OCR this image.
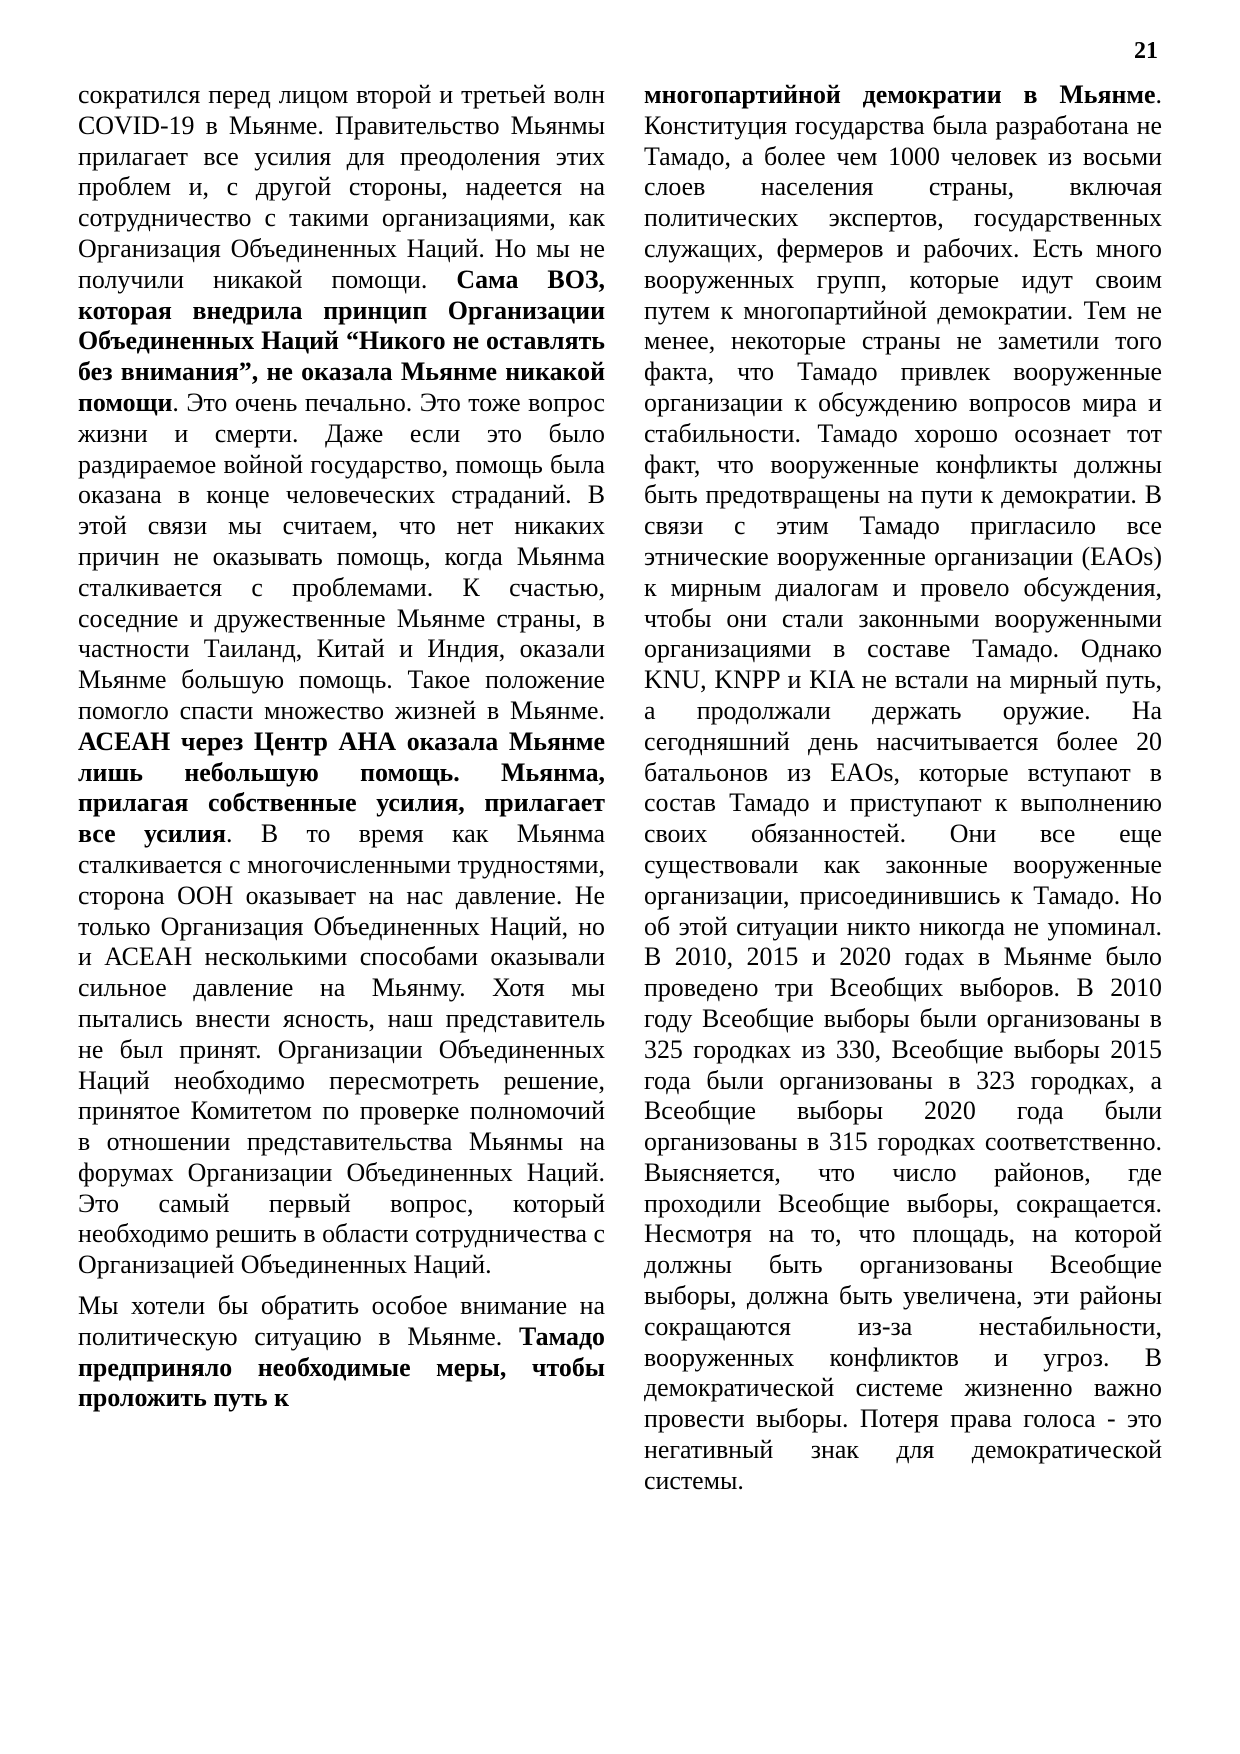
21

сократился перед лицом второй и третьей волн COVID-19 в Мьянме. Правительство Мьянмы прилагает все усилия для преодоления этих проблем и, с другой стороны, надеется на сотрудничество с такими организациями, как Организация Объединенных Наций. Но мы не получили никакой помощи. Сама ВОЗ, которая внедрила принцип Организации Объединенных Наций “Никого не оставлять без внимания”, не оказала Мьянме никакой помощи. Это очень печально. Это тоже вопрос жизни и смерти. Даже если это было раздираемое войной государство, помощь была оказана в конце человеческих страданий. В этой связи мы считаем, что нет никаких причин не оказывать помощь, когда Мьянма сталкивается с проблемами. К счастью, соседние и дружественные Мьянме страны, в частности Таиланд, Китай и Индия, оказали Мьянме большую помощь. Такое положение помогло спасти множество жизней в Мьянме. АСЕАН через Центр АНА оказала Мьянме лишь небольшую помощь. Мьянма, прилагая собственные усилия, прилагает все усилия. В то время как Мьянма сталкивается с многочисленными трудностями, сторона ООН оказывает на нас давление. Не только Организация Объединенных Наций, но и АСЕАН несколькими способами оказывали сильное давление на Мьянму. Хотя мы пытались внести ясность, наш представитель не был принят. Организации Объединенных Наций необходимо пересмотреть решение, принятое Комитетом по проверке полномочий в отношении представительства Мьянмы на форумах Организации Объединенных Наций. Это самый первый вопрос, который необходимо решить в области сотрудничества с Организацией Объединенных Наций.

Мы хотели бы обратить особое внимание на политическую ситуацию в Мьянме. Тамадо предприняло необходимые меры, чтобы проложить путь к

многопартийной демократии в Мьянме. Конституция государства была разработана не Тамадо, а более чем 1000 человек из восьми слоев населения страны, включая политических экспертов, государственных служащих, фермеров и рабочих. Есть много вооруженных групп, которые идут своим путем к многопартийной демократии. Тем не менее, некоторые страны не заметили того факта, что Тамадо привлек вооруженные организации к обсуждению вопросов мира и стабильности. Тамадо хорошо осознает тот факт, что вооруженные конфликты должны быть предотвращены на пути к демократии. В связи с этим Тамадо пригласило все этнические вооруженные организации (EAOs) к мирным диалогам и провело обсуждения, чтобы они стали законными вооруженными организациями в составе Тамадо. Однако KNU, KNPP и KIA не встали на мирный путь, а продолжали держать оружие. На сегодняшний день насчитывается более 20 батальонов из EAOs, которые вступают в состав Тамадо и приступают к выполнению своих обязанностей. Они все еще существовали как законные вооруженные организации, присоединившись к Тамадо. Но об этой ситуации никто никогда не упоминал. В 2010, 2015 и 2020 годах в Мьянме было проведено три Всеобщих выборов. В 2010 году Всеобщие выборы были организованы в 325 городках из 330, Всеобщие выборы 2015 года были организованы в 323 городках, а Всеобщие выборы 2020 года были организованы в 315 городках соответственно. Выясняется, что число районов, где проходили Всеобщие выборы, сокращается. Несмотря на то, что площадь, на которой должны быть организованы Всеобщие выборы, должна быть увеличена, эти районы сокращаются из-за нестабильности, вооруженных конфликтов и угроз. В демократической системе жизненно важно провести выборы. Потеря права голоса - это негативный знак для демократической системы.
